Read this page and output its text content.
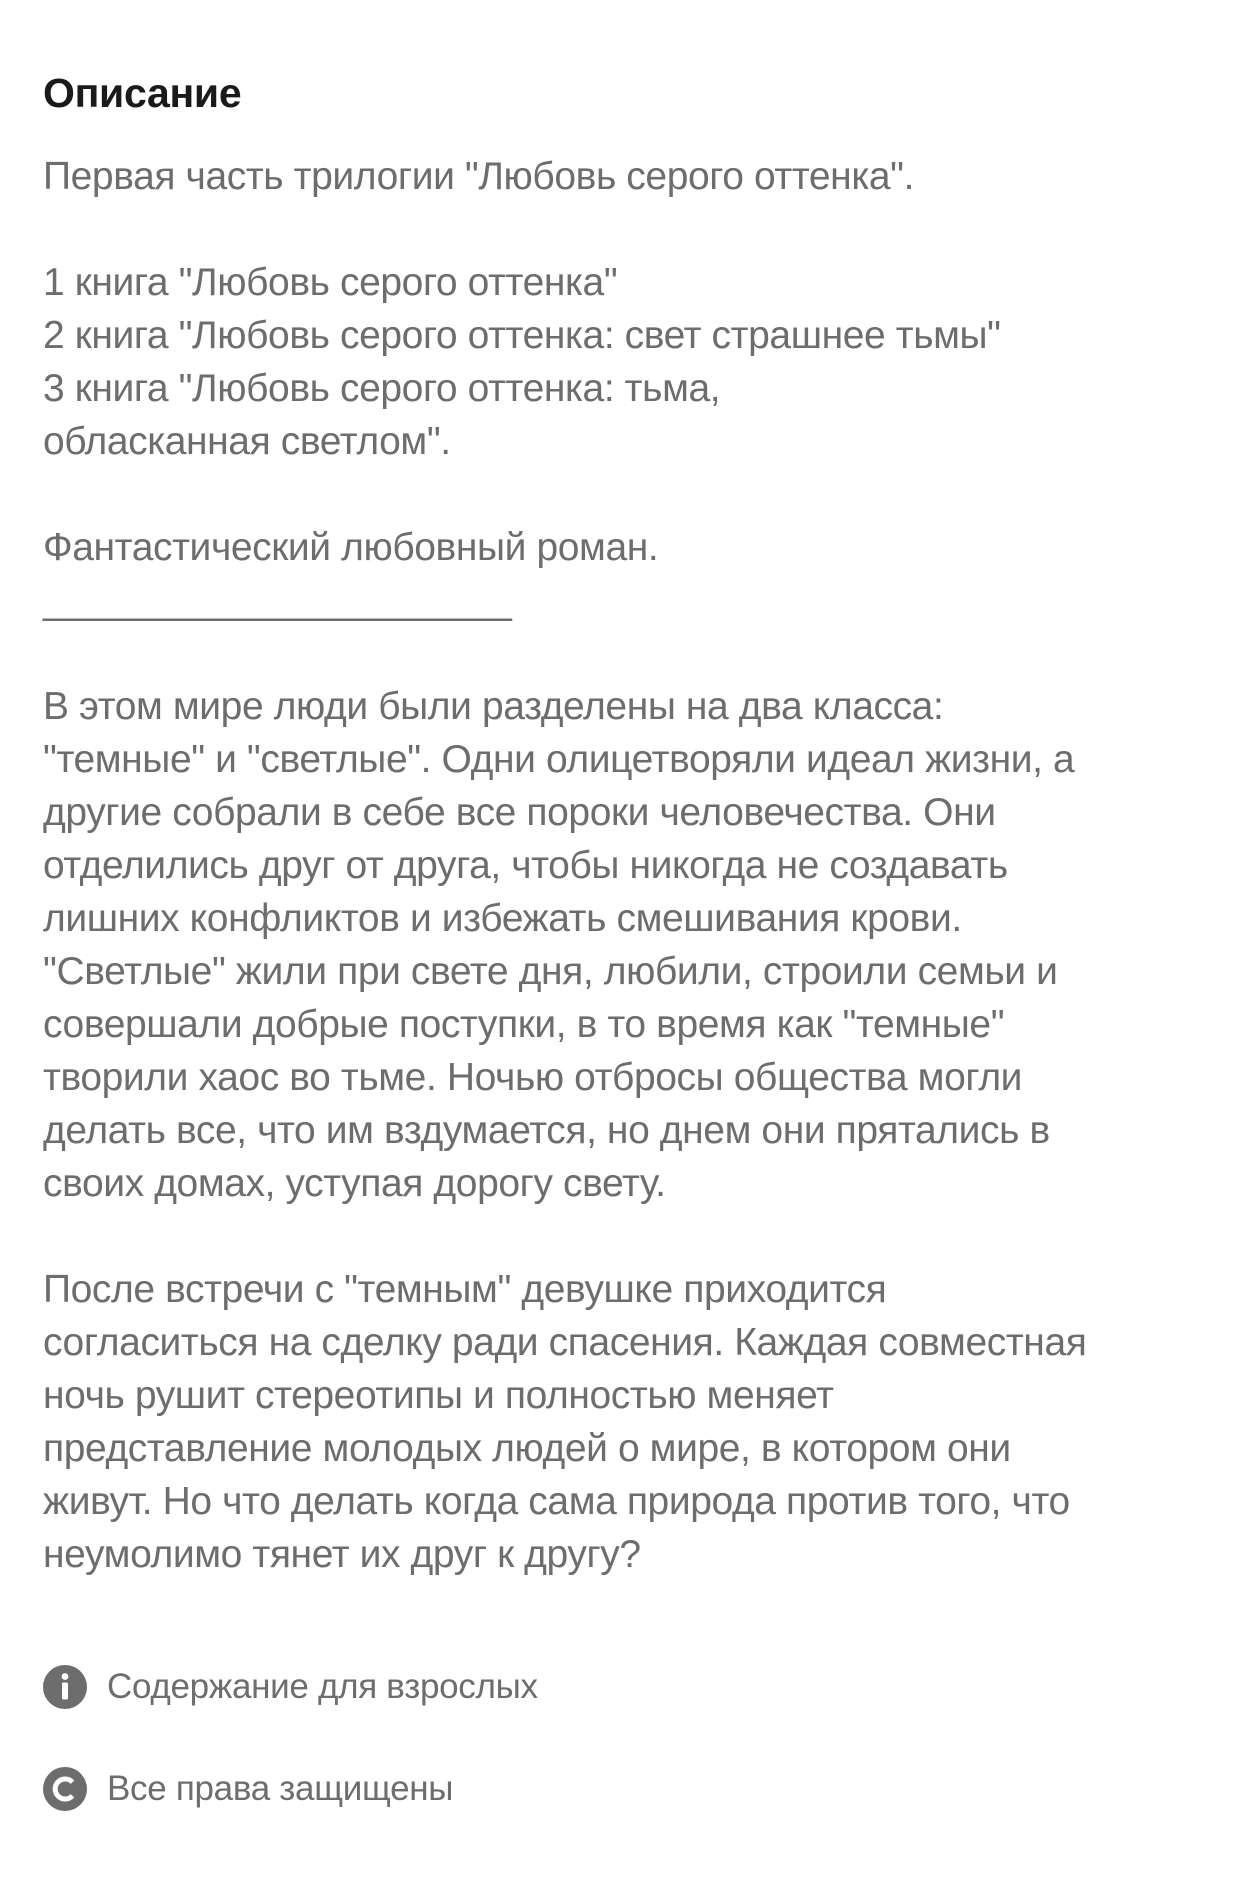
Описание

Первая часть трилогии "Любовь серого оттенка".

1 книга "Любовь серого оттенка"
2 книга "Любовь серого оттенка: свет страшнее тьмы"
3 книга "Любовь серого оттенка: тьма,
обласканная светлом".

Фантастический любовный роман.
______________________

В этом мире люди были разделены на два класса:
"темные" и "светлые". Одни олицетворяли идеал жизни, а
другие собрали в себе все пороки человечества. Они
отделились друг от друга, чтобы никогда не создавать
лишних конфликтов и избежать смешивания крови.
"Светлые" жили при свете дня, любили, строили семьи и
совершали добрые поступки, в то время как "темные"
творили хаос во тьме. Ночью отбросы общества могли
делать все, что им вздумается, но днем они прятались в
своих домах, уступая дорогу свету.

После встречи с "темным" девушке приходится
согласиться на сделку ради спасения. Каждая совместная
ночь рушит стереотипы и полностью меняет
представление молодых людей о мире, в котором они
живут. Но что делать когда сама природа против того, что
неумолимо тянет их друг к другу?

Содержание для взрослых
Все права защищены
